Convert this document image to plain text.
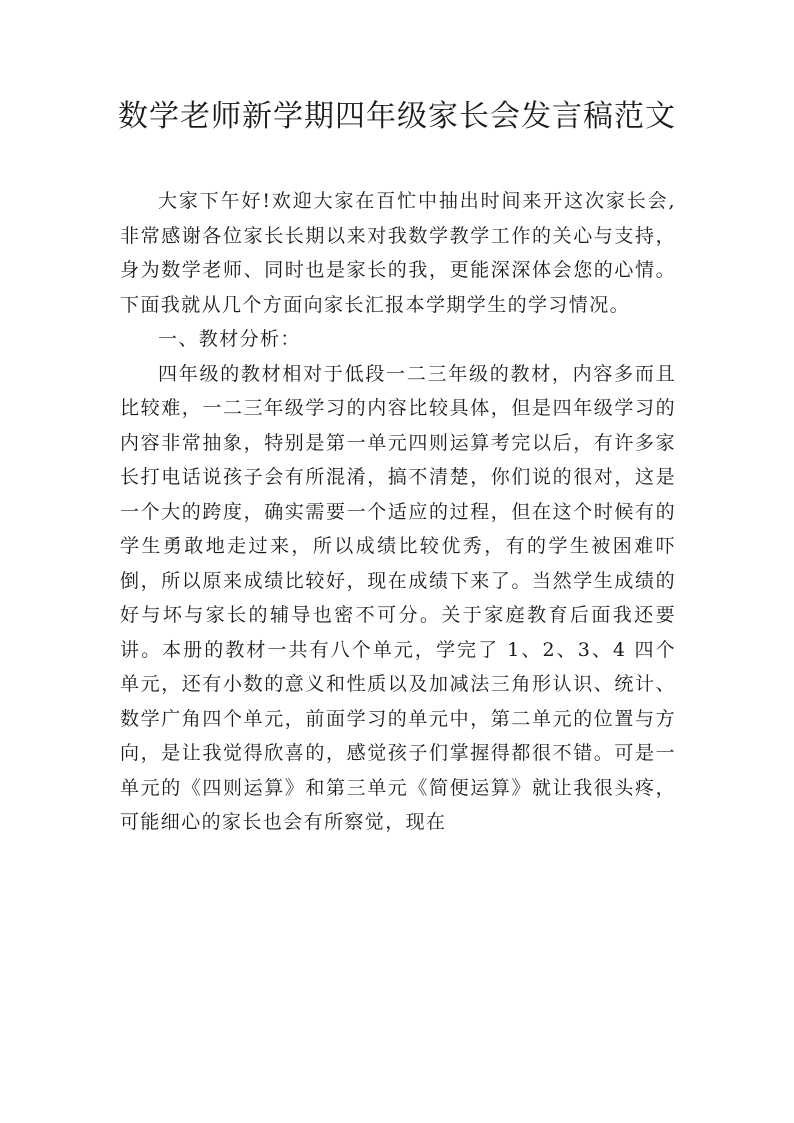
数学老师新学期四年级家长会发言稿范文

大家下午好!欢迎大家在百忙中抽出时间来开这次家长会,非常感谢各位家长长期以来对我数学教学工作的关心与支持，身为数学老师、同时也是家长的我，更能深深体会您的心情。下面我就从几个方面向家长汇报本学期学生的学习情况。

一、教材分析：

四年级的教材相对于低段一二三年级的教材，内容多而且比较难，一二三年级学习的内容比较具体，但是四年级学习的内容非常抽象，特别是第一单元四则运算考完以后，有许多家长打电话说孩子会有所混淆，搞不清楚，你们说的很对，这是一个大的跨度，确实需要一个适应的过程，但在这个时候有的学生勇敢地走过来，所以成绩比较优秀，有的学生被困难吓倒，所以原来成绩比较好，现在成绩下来了。当然学生成绩的好与坏与家长的辅导也密不可分。关于家庭教育后面我还要讲。本册的教材一共有八个单元，学完了 1、2、3、4 四个单元，还有小数的意义和性质以及加减法三角形认识、统计、数学广角四个单元，前面学习的单元中，第二单元的位置与方向，是让我觉得欣喜的，感觉孩子们掌握得都很不错。可是一单元的《四则运算》和第三单元《简便运算》就让我很头疼，可能细心的家长也会有所察觉，现在
